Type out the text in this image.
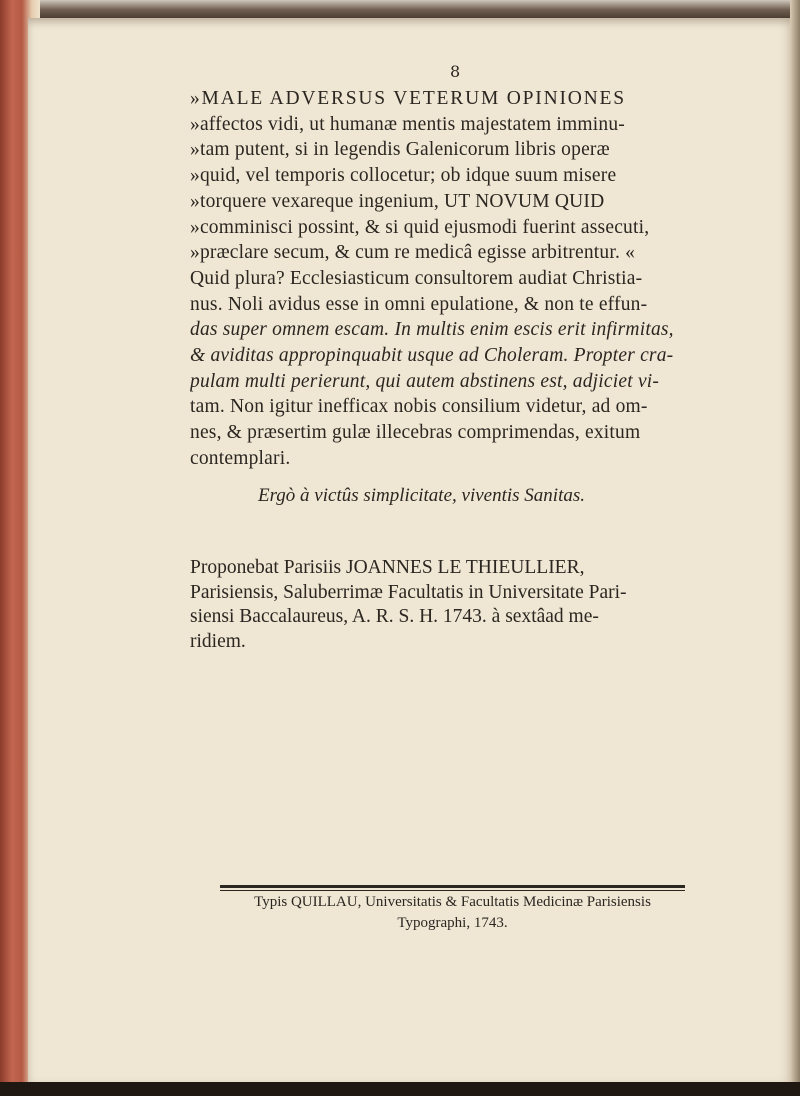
8
»MALE ADVERSUS VETERUM OPINIONES
»affectos vidi, ut humanæ mentis majestatem imminu-
»tam putent, si in legendis Galenicorum libris operæ
»quid, vel temporis collocetur; ob idque suum misere
»torquere vexareque ingenium, UT NOVUM QUID
»comminisci possint, & si quid ejusmodi fuerint assecuti,
»præclare secum, & cum re medicâ egisse arbitrentur. «
Quid plura? Ecclesiasticum consultorem audiat Christia-
nus. Noli avidus esse in omni epulatione, & non te effun-
das super omnem escam. In multis enim escis erit infirmitas,
& aviditas appropinquabit usque ad Choleram. Propter cra-
pulam multi perierunt, qui autem abstinens est, adjiciet vi-
tam. Non igitur inefficax nobis consilium videtur, ad om-
nes, & præsertim gulæ illecebras comprimendas, exitum
contemplari.
Ergò à victûs simplicitate, viventis Sanitas.
Proponebat Parisiis JOANNES LE THIEULLIER,
Parisiensis, Saluberrimæ Facultatis in Universitate Pari-
siensi Baccalaureus, A. R. S. H. 1743. à sextâad me-
ridiem.
Typis QUILLAU, Universitatis & Facultatis Medicinæ Parisiensis
Typographi, 1743.
